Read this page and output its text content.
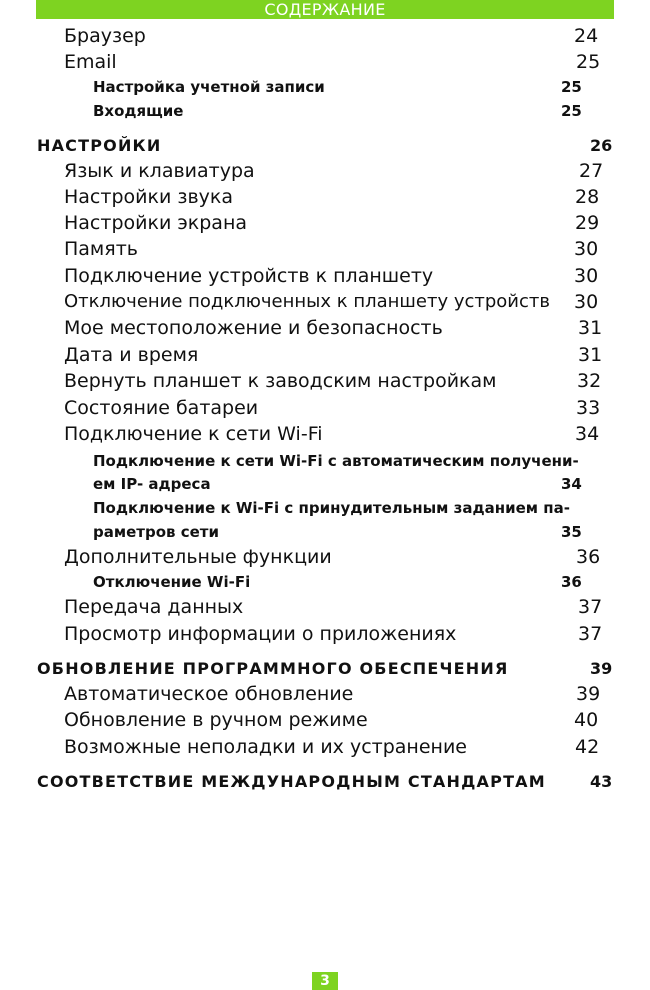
СОДЕРЖАНИЕ
Браузер	24
Email	25
Настройка учетной записи	25
Входящие	25
НАСТРОЙКИ	26
Язык и клавиатура	27
Настройки звука	28
Настройки экрана	29
Память	30
Подключение устройств к планшету	30
Отключение подключенных к планшету устройств 30
Мое местоположение и безопасность	31
Дата и время	31
Вернуть планшет к заводским настройкам	32
Состояние батареи	33
Подключение к сети Wi-Fi	34
Подключение к сети Wi-Fi с автоматическим получени-
ем IP- адреса	34
Подключение к Wi-Fi с принудительным заданием па-
раметров сети	35
Дополнительные функции	36
Отключение Wi-Fi	36
Передача данных	37
Просмотр информации о приложениях	37
ОБНОВЛЕНИЕ ПРОГРАММНОГО ОБЕСПЕЧЕНИЯ	39
Автоматическое обновление	39
Обновление в ручном режиме	40
Возможные неполадки и их устранение	42
СООТВЕТСТВИЕ МЕЖДУНАРОДНЫМ СТАНДАРТАМ	43
3
